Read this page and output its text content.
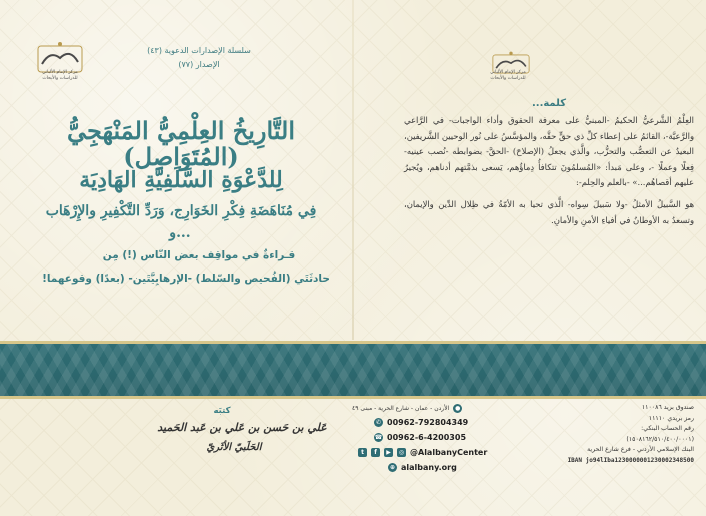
مركز الإمام الألباني
للدراسات والأبحاث
مركز الإمام الألباني
للدراسات والأبحاث
سلسلة الإصدارات الدعوية (٤٣)
الإصدار (٧٧)
كلمة...

العِلْمُ الشَّرعيُّ الحكيمُ -المبنيُّ على معرفة الحقوق وأداء الواجبات- في الرَّاعي والرَّعيَّة-، القائمُ على إعطاء كلِّ ذي حقٍّ حقَّه، والمؤسَّسُ على نُور الوحيين الشَّريفين، البعيدُ عن التعصُّب والتحزُّب، والَّذي يجعلُ (الإصلاحَ) -الحقَّ- بضوابطه -نُصب عينيه- فِعلًا وعملًا -، وعلى مَبدأ: «المُسلمُونَ تتكافأُ دِماؤُهم، يَسعى بذمَّتهم أدناهم، ويُجيرُ عليهم أقصاهُم...» -بالعلم والحِلم-:

هو السَّبيلُ الأمثلُ -ولا سَبيلَ سِواه- الَّذي تحيا به الأمّةُ في ظِلال الدِّين والإيمان، وتسعدُ به الأوطانُ في أفياءِ الأمنِ والأمانِ.

التَّارِيخُ العِلْمِيُّ المَنْهَجِيُّ (المُتَوَاصِل)
لِلدَّعْوَةِ السَّلَفِيَّةِ الهَادِيَة
فِي مُنَاهَضَةِ فِكْرِ الخَوَارِج، وَرَدِّ التَّكْفِيرِ والإِرْهَاب
و...
قـراءةٌ في مواقِف بعض النّاس (!) مِن
حادثَتَي (الفُحيص والسّلط) -الإرهابِيَّتَين- (بعدًا) وقوعهما!
كتبَه
عَلي بن حَسن بن عَلي بن عَبد الحَميد
الحَلَبيّ الأثَريّ
●
الأردن - عمان - شارع الحرية - مبنى ٤٩
✆ 00962-792804349
☎ 00962-6-4200305
t	f	▶	◎ @AlalbanyCenter
⊕ alalbany.org
صندوق بريد ١١٠٠٨٦
رمز بريدي ١١١١٠
رقم الحساب البنكي:
(١٥٠٨١٦٢/٥١٠/٤٠٠/٠٠٠١)
البنك الإسلامي الأردني - فرع شارع الحرية
IBAN jo94lIba1230000001230002348500
